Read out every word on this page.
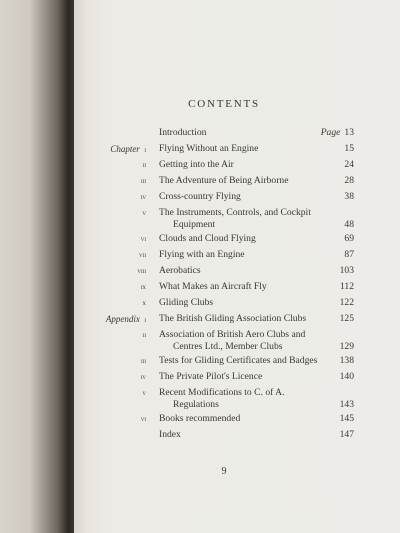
CONTENTS
Introduction	Page 13
Chapter i Flying Without an Engine	15
ii Getting into the Air	24
iii The Adventure of Being Airborne	28
iv Cross-country Flying	38
v The Instruments, Controls, and Cockpit
Equipment	48
vi Clouds and Cloud Flying	69
vii Flying with an Engine	87
viii Aerobatics	103
ix What Makes an Aircraft Fly	112
x Gliding Clubs	122
Appendix i The British Gliding Association Clubs	125
ii Association of British Aero Clubs and
Centres Ltd., Member Clubs	129
iii Tests for Gliding Certificates and Badges	138
iv The Private Pilot's Licence	140
v Recent Modifications to C. of A.
Regulations	143
vi Books recommended	145
Index	147
9
